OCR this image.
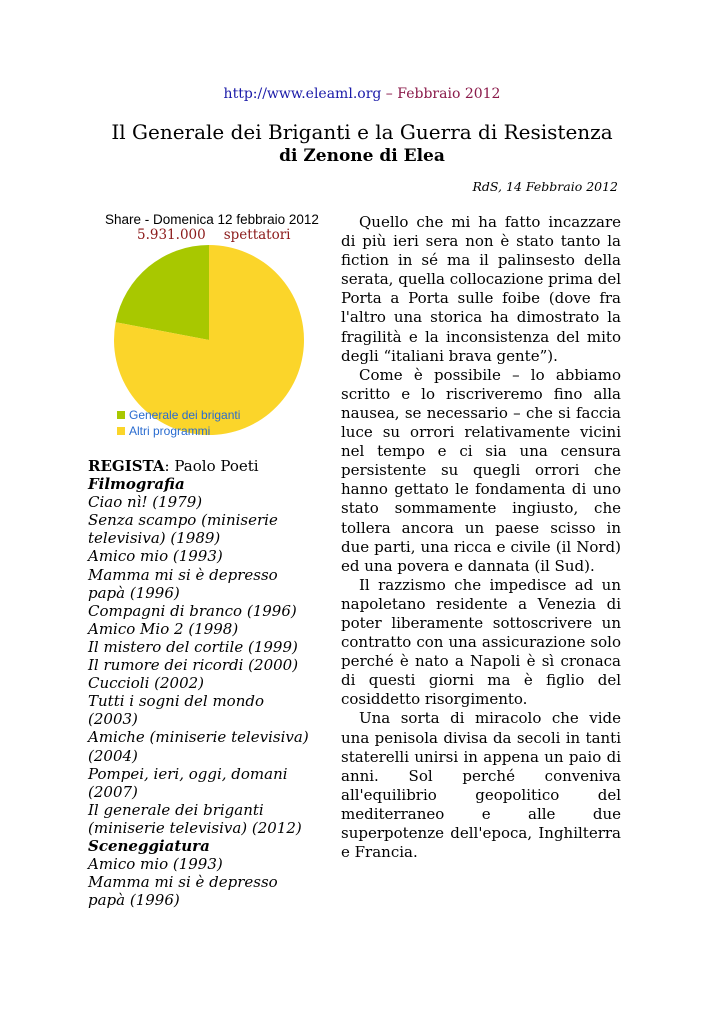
http://www.eleaml.org – Febbraio 2012
Il Generale dei Briganti e la Guerra di Resistenza
di Zenone di Elea
RdS, 14 Febbraio 2012
Share - Domenica 12 febbraio 2012
5.931.000 spettatori
Generale dei briganti
Altri programmi
REGISTA: Paolo Poeti
Filmografia
Ciao nì! (1979)
Senza scampo (miniserie televisiva) (1989)
Amico mio (1993)
Mamma mi si è depresso papà (1996)
Compagni di branco (1996)
Amico Mio 2 (1998)
Il mistero del cortile (1999)
Il rumore dei ricordi (2000)
Cuccioli (2002)
Tutti i sogni del mondo (2003)
Amiche (miniserie televisiva) (2004)
Pompei, ieri, oggi, domani (2007)
Il generale dei briganti (miniserie televisiva) (2012)
Sceneggiatura
Amico mio (1993)
Mamma mi si è depresso papà (1996)

Quello che mi ha fatto incazzare di più ieri sera non è stato tanto la fiction in sé ma il palinsesto della serata, quella collocazione prima del Porta a Porta sulle foibe (dove fra l'altro una storica ha dimostrato la fragilità e la inconsistenza del mito degli “italiani brava gente”).

Come è possibile – lo abbiamo scritto e lo riscriveremo fino alla nausea, se necessario – che si faccia luce su orrori relativamente vicini nel tempo e ci sia una censura persistente su quegli orrori che hanno gettato le fondamenta di uno stato sommamente ingiusto, che tollera ancora un paese scisso in due parti, una ricca e civile (il Nord) ed una povera e dannata (il Sud).

Il razzismo che impedisce ad un napoletano residente a Venezia di poter liberamente sottoscrivere un contratto con una assicurazione solo perché è nato a Napoli è sì cronaca di questi giorni ma è figlio del cosiddetto risorgimento.

Una sorta di miracolo che vide una penisola divisa da secoli in tanti staterelli unirsi in appena un paio di anni. Sol perché conveniva all'equilibrio geopolitico del mediterraneo e alle due superpotenze dell'epoca, Inghilterra e Francia.
